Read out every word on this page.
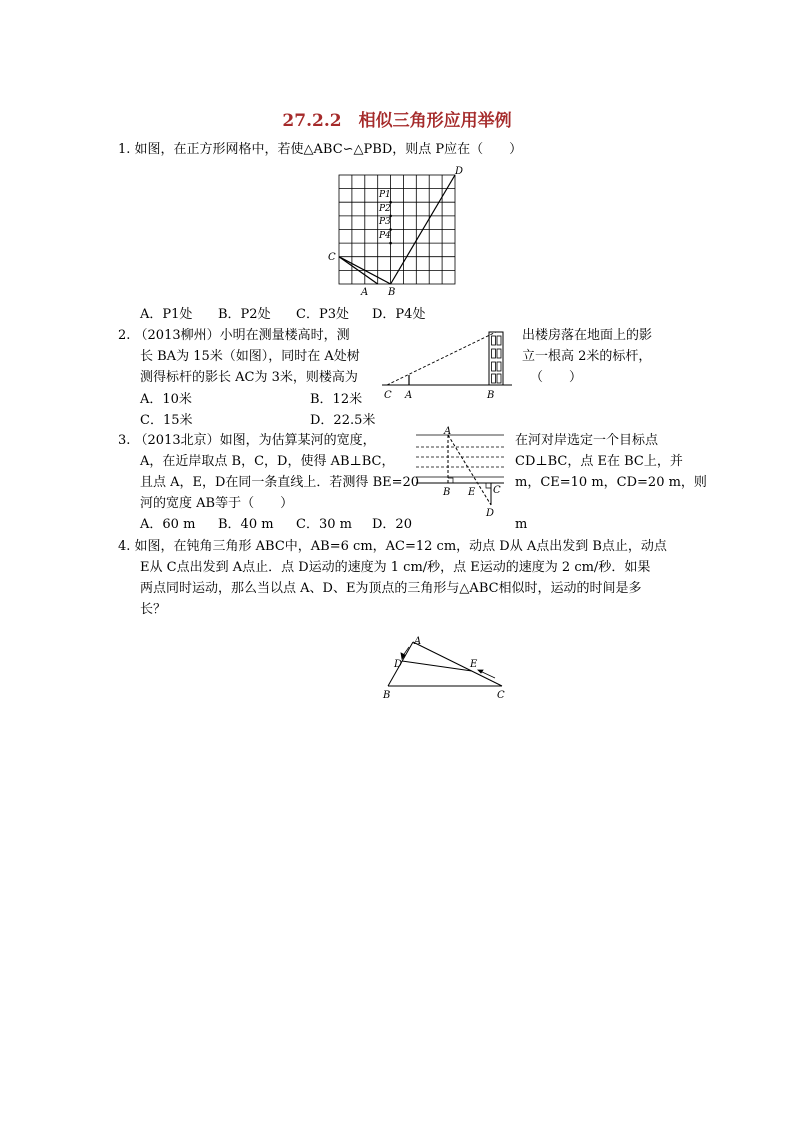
27.2.2　相似三角形应用举例
1. 如图，在正方形网格中，若使△ABC∽△PBD，则点 P应在（　　）
C
A B
D
P1
P2
P3
P4
A．P1处 B．P2处 C．P3处 D．P4处
2. （2013柳州）小明在测量楼高时，测	出楼房落在地面上的影
长 BA为 15米（如图），同时在 A处树	立一根高 2米的标杆，
测得标杆的影长 AC为 3米，则楼高为	（　　）
C A	B
A．10米	B．12米
C．15米	D．22.5米
3. （2013北京）如图，为估算某河的宽度，	在河对岸选定一个目标点
A，在近岸取点 B，C，D，使得 AB⊥BC，	CD⊥BC，点 E在 BC上，并
且点 A，E，D在同一条直线上．若测得 BE=20	m，CE=10 m，CD=20 m，则
河的宽度 AB等于（　　）
A
B E C
D
A．60 m B．40 m C．30 m D．20	m
4. 如图，在钝角三角形 ABC中，AB=6 cm，AC=12 cm，动点 D从 A点出发到 B点止，动点
E从 C点出发到 A点止．点 D运动的速度为 1 cm/秒，点 E运动的速度为 2 cm/秒．如果
两点同时运动，那么当以点 A、D、E为顶点的三角形与△ABC相似时，运动的时间是多
长？
A
D	E
B	C
